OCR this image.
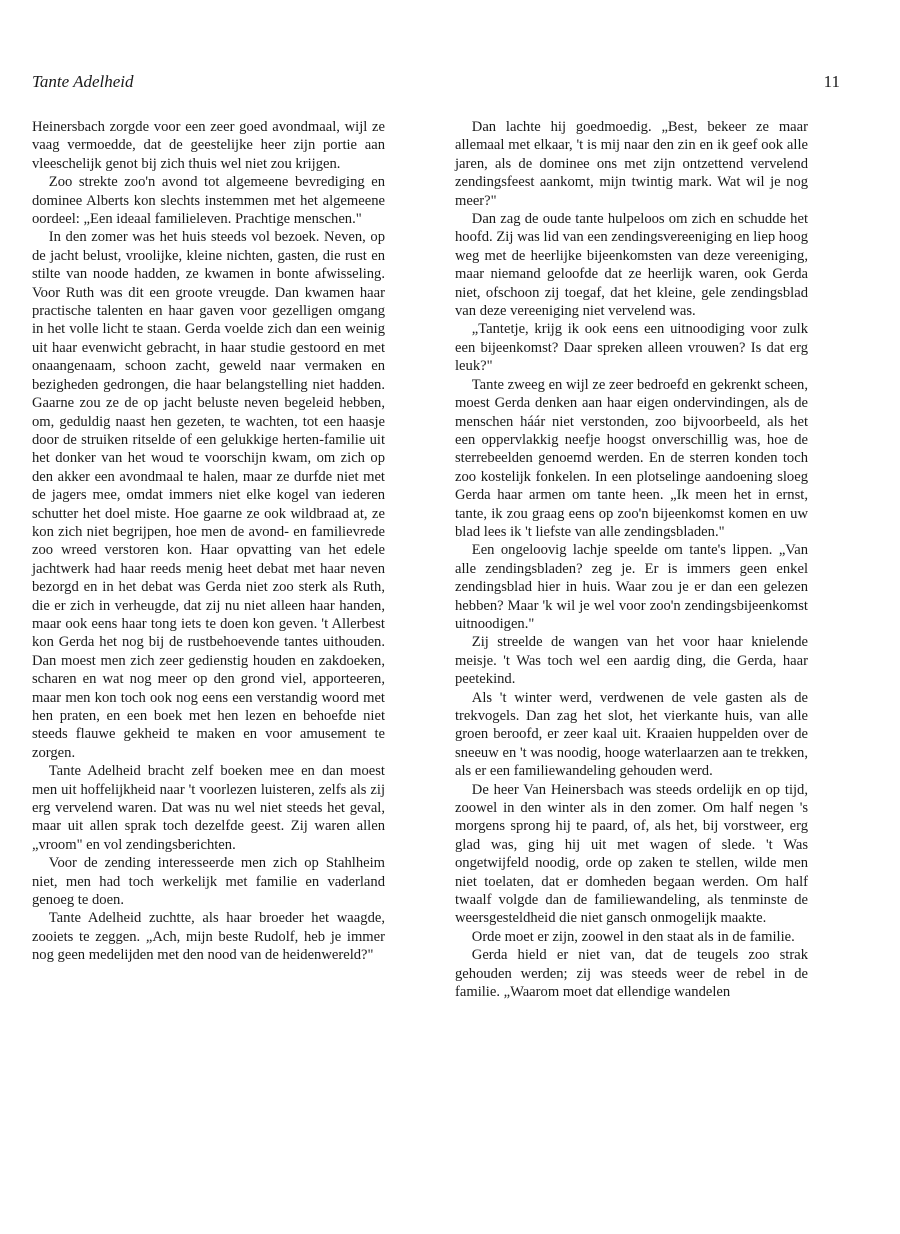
Tante Adelheid	11

Heinersbach zorgde voor een zeer goed avondmaal, wijl ze vaag vermoedde, dat de geestelijke heer zijn portie aan vleeschelijk genot bij zich thuis wel niet zou krijgen.

Zoo strekte zoo'n avond tot algemeene bevrediging en dominee Alberts kon slechts instemmen met het algemeene oordeel: „Een ideaal familieleven. Prachtige menschen."

In den zomer was het huis steeds vol bezoek. Neven, op de jacht belust, vroolijke, kleine nichten, gasten, die rust en stilte van noode hadden, ze kwamen in bonte afwisseling. Voor Ruth was dit een groote vreugde. Dan kwamen haar practische talenten en haar gaven voor gezelligen omgang in het volle licht te staan. Gerda voelde zich dan een weinig uit haar evenwicht gebracht, in haar studie gestoord en met onaangenaam, schoon zacht, geweld naar vermaken en bezigheden gedrongen, die haar belangstelling niet hadden. Gaarne zou ze de op jacht beluste neven begeleid hebben, om, geduldig naast hen gezeten, te wachten, tot een haasje door de struiken ritselde of een gelukkige herten-familie uit het donker van het woud te voorschijn kwam, om zich op den akker een avondmaal te halen, maar ze durfde niet met de jagers mee, omdat immers niet elke kogel van iederen schutter het doel miste. Hoe gaarne ze ook wildbraad at, ze kon zich niet begrijpen, hoe men de avond- en familievrede zoo wreed verstoren kon. Haar opvatting van het edele jachtwerk had haar reeds menig heet debat met haar neven bezorgd en in het debat was Gerda niet zoo sterk als Ruth, die er zich in verheugde, dat zij nu niet alleen haar handen, maar ook eens haar tong iets te doen kon geven. 't Allerbest kon Gerda het nog bij de rustbehoevende tantes uithouden. Dan moest men zich zeer gedienstig houden en zakdoeken, scharen en wat nog meer op den grond viel, apporteeren, maar men kon toch ook nog eens een verstandig woord met hen praten, en een boek met hen lezen en behoefde niet steeds flauwe gekheid te maken en voor amusement te zorgen.

Tante Adelheid bracht zelf boeken mee en dan moest men uit hoffelijkheid naar 't voorlezen luisteren, zelfs als zij erg vervelend waren. Dat was nu wel niet steeds het geval, maar uit allen sprak toch dezelfde geest. Zij waren allen „vroom" en vol zendingsberichten.

Voor de zending interesseerde men zich op Stahlheim niet, men had toch werkelijk met familie en vaderland genoeg te doen.

Tante Adelheid zuchtte, als haar broeder het waagde, zooiets te zeggen. „Ach, mijn beste Rudolf, heb je immer nog geen medelijden met den nood van de heidenwereld?"

Dan lachte hij goedmoedig. „Best, bekeer ze maar allemaal met elkaar, 't is mij naar den zin en ik geef ook alle jaren, als de dominee ons met zijn ontzettend vervelend zendingsfeest aankomt, mijn twintig mark. Wat wil je nog meer?"

Dan zag de oude tante hulpeloos om zich en schudde het hoofd. Zij was lid van een zendingsvereeniging en liep hoog weg met de heerlijke bijeenkomsten van deze vereeniging, maar niemand geloofde dat ze heerlijk waren, ook Gerda niet, ofschoon zij toegaf, dat het kleine, gele zendingsblad van deze vereeniging niet vervelend was.

„Tantetje, krijg ik ook eens een uitnoodiging voor zulk een bijeenkomst? Daar spreken alleen vrouwen? Is dat erg leuk?"

Tante zweeg en wijl ze zeer bedroefd en gekrenkt scheen, moest Gerda denken aan haar eigen ondervindingen, als de menschen háár niet verstonden, zoo bijvoorbeeld, als het een oppervlakkig neefje hoogst onverschillig was, hoe de sterrebeelden genoemd werden. En de sterren konden toch zoo kostelijk fonkelen. In een plotselinge aandoening sloeg Gerda haar armen om tante heen. „Ik meen het in ernst, tante, ik zou graag eens op zoo'n bijeenkomst komen en uw blad lees ik 't liefste van alle zendingsbladen."

Een ongeloovig lachje speelde om tante's lippen. „Van alle zendingsbladen? zeg je. Er is immers geen enkel zendingsblad hier in huis. Waar zou je er dan een gelezen hebben? Maar 'k wil je wel voor zoo'n zendingsbijeenkomst uitnoodigen."

Zij streelde de wangen van het voor haar knielende meisje. 't Was toch wel een aardig ding, die Gerda, haar peetekind.

Als 't winter werd, verdwenen de vele gasten als de trekvogels. Dan zag het slot, het vierkante huis, van alle groen beroofd, er zeer kaal uit. Kraaien huppelden over de sneeuw en 't was noodig, hooge waterlaarzen aan te trekken, als er een familiewandeling gehouden werd.

De heer Van Heinersbach was steeds ordelijk en op tijd, zoowel in den winter als in den zomer. Om half negen 's morgens sprong hij te paard, of, als het, bij vorstweer, erg glad was, ging hij uit met wagen of slede. 't Was ongetwijfeld noodig, orde op zaken te stellen, wilde men niet toelaten, dat er domheden begaan werden. Om half twaalf volgde dan de familiewandeling, als tenminste de weersgesteldheid die niet gansch onmogelijk maakte.

Orde moet er zijn, zoowel in den staat als in de familie.

Gerda hield er niet van, dat de teugels zoo strak gehouden werden; zij was steeds weer de rebel in de familie. „Waarom moet dat ellendige wandelen
